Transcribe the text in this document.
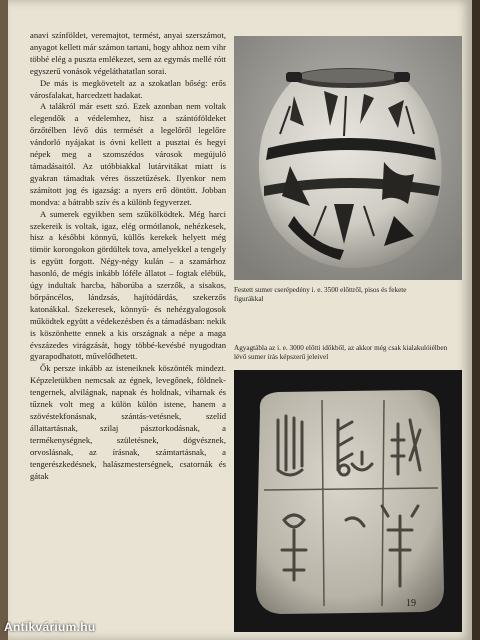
anavi színföldet, veremajtot, termést, anyai szerszámot, anyagot kellett már számon tartani, hogy ahhoz nem vihr többé elég a puszta emlékezet, sem az egymás mellé rótt egyszerű vonások végeláthatatlan sorai.

De más is megkövetelt az a szokatlan bőség: erős városfalakat, harcedzett hadakat.

A talákról már esett szó. Ezek azonban nem voltak elegendők a védelemhez, hisz a szántóföldeket őrzőtélben lévő dús termését a legelőről legelőre vándorló nyájakat is óvni kellett a pusztai és hegyi népek meg a szomszédos városok megújuló támadásaitól. Az utóbbiakkal lutárvitákat miatt is gyakran támadtak véres összetűzések. Ilyenkor nem számított jog és igazság: a nyers erő döntött. Jobban mondva: a bátrabb szív és a különb fegyverzet.

A sumerek egyikben sem szűkölködtek. Még harci szekereik is voltak, igaz, elég ormótlanok, nehézkesek, hisz a későbbi könnyű, küllős kerekek helyett még tömör korongokon gördültek tova, amelyekkel a tengely is együtt forgott. Négy-négy kulán – a szamárhoz hasonló, de mégis inkább lóféle állatot – fogtak elébük, úgy indultak harcba, háborúba a szerzők, a sisakos, bőrpáncélos, lándzsás, hajítódárdás, szekerzős katonákkal. Szekeresek, könnyű- és nehézgyalogosok működtek együtt a védekezésben és a támadásban: nekik is köszönhette ennek a kis országnak a népe a maga évszázedes virágzását, hogy többé-kevésbé nyugodtan gyarapodhatott, művelődhetett.

Ők persze inkább az isteneiknek köszönték mindezt. Képzeletükben nemcsak az égnek, levegőnek, földnek-tengernek, alvilágnak, napnak és holdnak, viharnak és tűznek volt meg a külön külön istene, hanem a szövéstekfonásnak, szántás-vetésnek, szelíd állattartásnak, szilaj pásztorkodásnak, a termékenységnek, születésnek, dögvésznek, orvoslásnak, az írásnak, számtartásnak, a tengerészkedésnek, halászmesterségnek, csatornák és gátak

Festett sumer cserépedény i. e. 3500 előttről, pisos és fekete figurákkal
Agyagtábla az i. e. 3000 előtti időkből, az akkor még csak kialakulóiélben lévő sumer írás képszerű jeleivel
19
Antikvárium.hu
